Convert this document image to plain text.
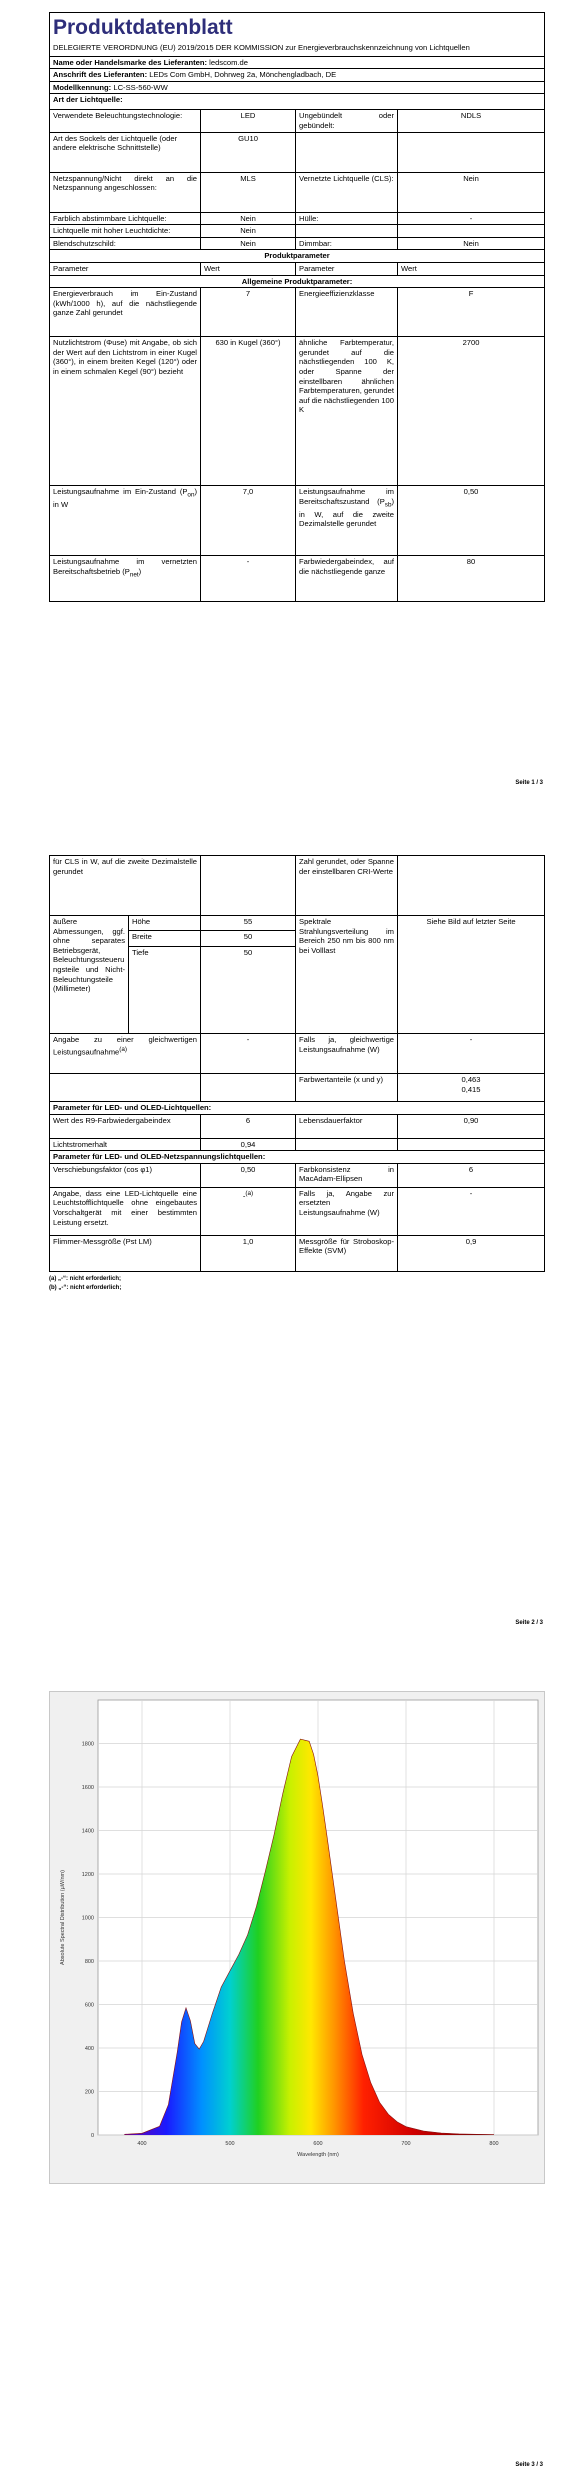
Produktdatenblatt
DELEGIERTE VERORDNUNG (EU) 2019/2015 DER KOMMISSION zur Energieverbrauchskennzeichnung von Lichtquellen			

Name oder Handelsmarke des Lieferanten: ledscom.de			
Anschrift des Lieferanten: LEDs Com GmbH, Dohrweg 2a, Mönchengladbach, DE			
Modellkennung: LC-SS-560-WW			
Art der Lichtquelle:			
Verwendete Beleuchtungstechnologie:	LED	Ungebündelt oder gebündelt:	NDLS
Art des Sockels der Lichtquelle (oder andere elektrische Schnittstelle)	GU10		
Netzspannung/Nicht direkt an die Netzspannung angeschlossen:	MLS	Vernetzte Lichtquelle (CLS):	Nein
Farblich abstimmbare Lichtquelle:	Nein	Hülle:	-
Lichtquelle mit hoher Leuchtdichte:	Nein		
Blendschutzschild:	Nein	Dimmbar:	Nein
Produktparameter			
Parameter	Wert	Parameter	Wert
Allgemeine Produktparameter:			
Energieverbrauch im Ein-Zustand (kWh/1000 h), auf die nächstliegende ganze Zahl gerundet	7	Energieeffizienzklasse	F
Nutzlichtstrom (Φuse) mit Angabe, ob sich der Wert auf den Lichtstrom in einer Kugel (360°), in einem breiten Kegel (120°) oder in einem schmalen Kegel (90°) bezieht	630 in Kugel (360°)	ähnliche Farbtemperatur, gerundet auf die nächstliegenden 100 K, oder Spanne der einstellbaren ähnlichen Farbtemperaturen, gerundet auf die nächstliegenden 100 K	2700
Leistungsaufnahme im Ein-Zustand $(P_{on})$ in W	7,0	Leistungsaufnahme im Bereitschaftszustand $(P_{sb})$ in W, auf die zweite Dezimalstelle gerundet	0,50
Leistungsaufnahme im vernetzten Bereitschaftsbetrieb $(P_{net})$	-	Farbwiedergabeindex, auf die nächstliegende ganze	80
Seite 1 / 3
für CLS in W, auf die zweite Dezimalstelle gerundet			Zahl gerundet, oder Spanne der einstellbaren CRI-Werte	
äußere Abmessungen, ggf. ohne separates Betriebsgerät, Beleuchtungssteuerungsteile und Nicht-Beleuchtungsteile (Millimeter)	Höhe	55	Spektrale Strahlungsverteilung im Bereich 250 nm bis 800 nm bei Volllast	Siehe Bild auf letzter Seite
	Breite	50		
	Tiefe	50		
Angabe zu einer gleichwertigen Leistungsaufnahme$^{(a)}$		-	Falls ja, gleichwertige Leistungsaufnahme (W)	-
			Farbwertanteile (x und y)	0,463
0,415

Parameter für LED- und OLED-Lichtquellen:				
Wert des R9-Farbwiedergabeindex		6	Lebensdauerfaktor	0,90
Lichtstromerhalt		0,94		
Parameter für LED- und OLED-Netzspannungslichtquellen:				
Verschiebungsfaktor (cos φ1)		0,50	Farbkonsistenz in MacAdam-Ellipsen	6
Angabe, dass eine LED-Lichtquelle eine Leuchtstofflichtquelle ohne eingebautes Vorschaltgerät mit einer bestimmten Leistung ersetzt.		-$^{(a)}$	Falls ja, Angabe zur ersetzten Leistungsaufnahme (W)	-
Flimmer-Messgröße (Pst LM)		1,0	Messgröße für Stroboskop-Effekte (SVM)	0,9
(a) „-“: nicht erforderlich;
(b) „-“: nicht erforderlich;
Seite 2 / 3
400	500	600	700	800
0
200
400
600
800
1000
1200
1400
1600
1800
Wavelength (nm)
Absolute Spectral Distribution (µW/nm)
Seite 3 / 3
